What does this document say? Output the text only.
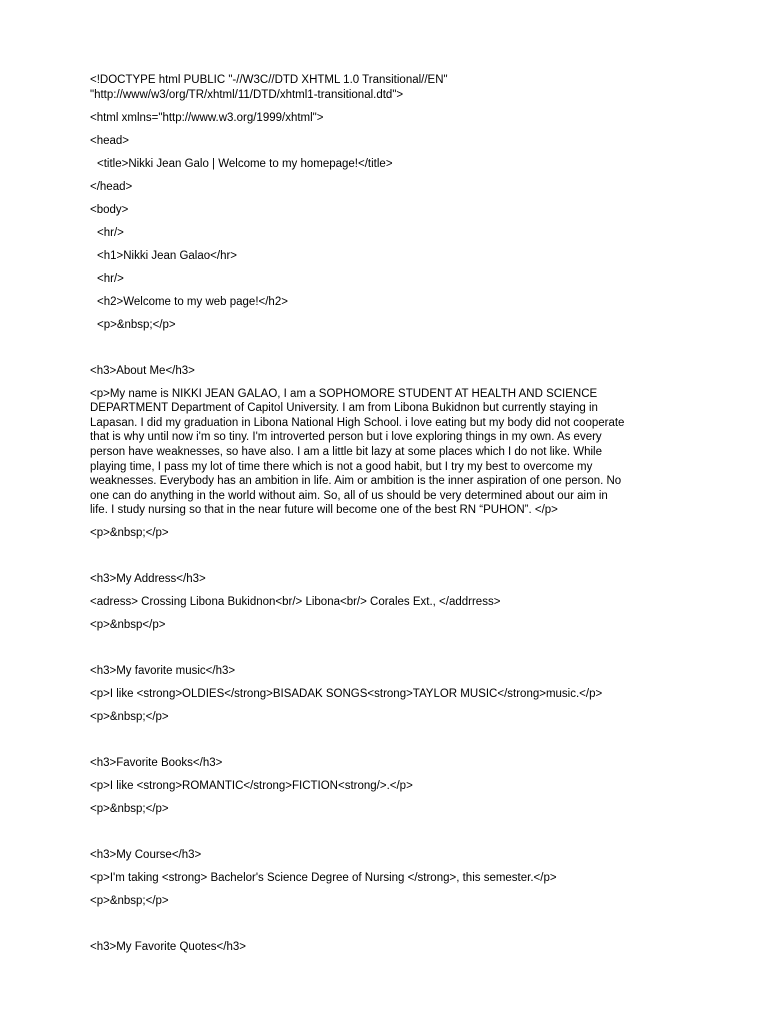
<!DOCTYPE html PUBLIC "-//W3C//DTD XHTML 1.0 Transitional//EN"
"http://www/w3/org/TR/xhtml/11/DTD/xhtml1-transitional.dtd">
<html xmlns="http://www.w3.org/1999/xhtml">
<head>
<title>Nikki Jean Galo | Welcome to my homepage!</title>
</head>
<body>
<hr/>
<h1>Nikki Jean Galao</hr>
<hr/>
<h2>Welcome to my web page!</h2>
<p>&nbsp;</p>
<h3>About Me</h3>
<p>My name is NIKKI JEAN GALAO, I am a SOPHOMORE STUDENT AT HEALTH AND SCIENCE
DEPARTMENT Department of Capitol University. I am from Libona Bukidnon but currently staying in
Lapasan. I did my graduation in Libona National High School. i love eating but my body did not cooperate
that is why until now i'm so tiny. I'm introverted person but i love exploring things in my own. As every
person have weaknesses, so have also. I am a little bit lazy at some places which I do not like. While
playing time, I pass my lot of time there which is not a good habit, but I try my best to overcome my
weaknesses. Everybody has an ambition in life. Aim or ambition is the inner aspiration of one person. No
one can do anything in the world without aim. So, all of us should be very determined about our aim in
life. I study nursing so that in the near future will become one of the best RN “PUHON”. </p>
<p>&nbsp;</p>
<h3>My Address</h3>
<adress> Crossing Libona Bukidnon<br/> Libona<br/> Corales Ext., </addrress>
<p>&nbsp</p>
<h3>My favorite music</h3>
<p>I like <strong>OLDIES</strong>BISADAK SONGS<strong>TAYLOR MUSIC</strong>music.</p>
<p>&nbsp;</p>
<h3>Favorite Books</h3>
<p>I like <strong>ROMANTIC</strong>FICTION<strong/>.</p>
<p>&nbsp;</p>
<h3>My Course</h3>
<p>I'm taking <strong> Bachelor's Science Degree of Nursing </strong>, this semester.</p>
<p>&nbsp;</p>
<h3>My Favorite Quotes</h3>
